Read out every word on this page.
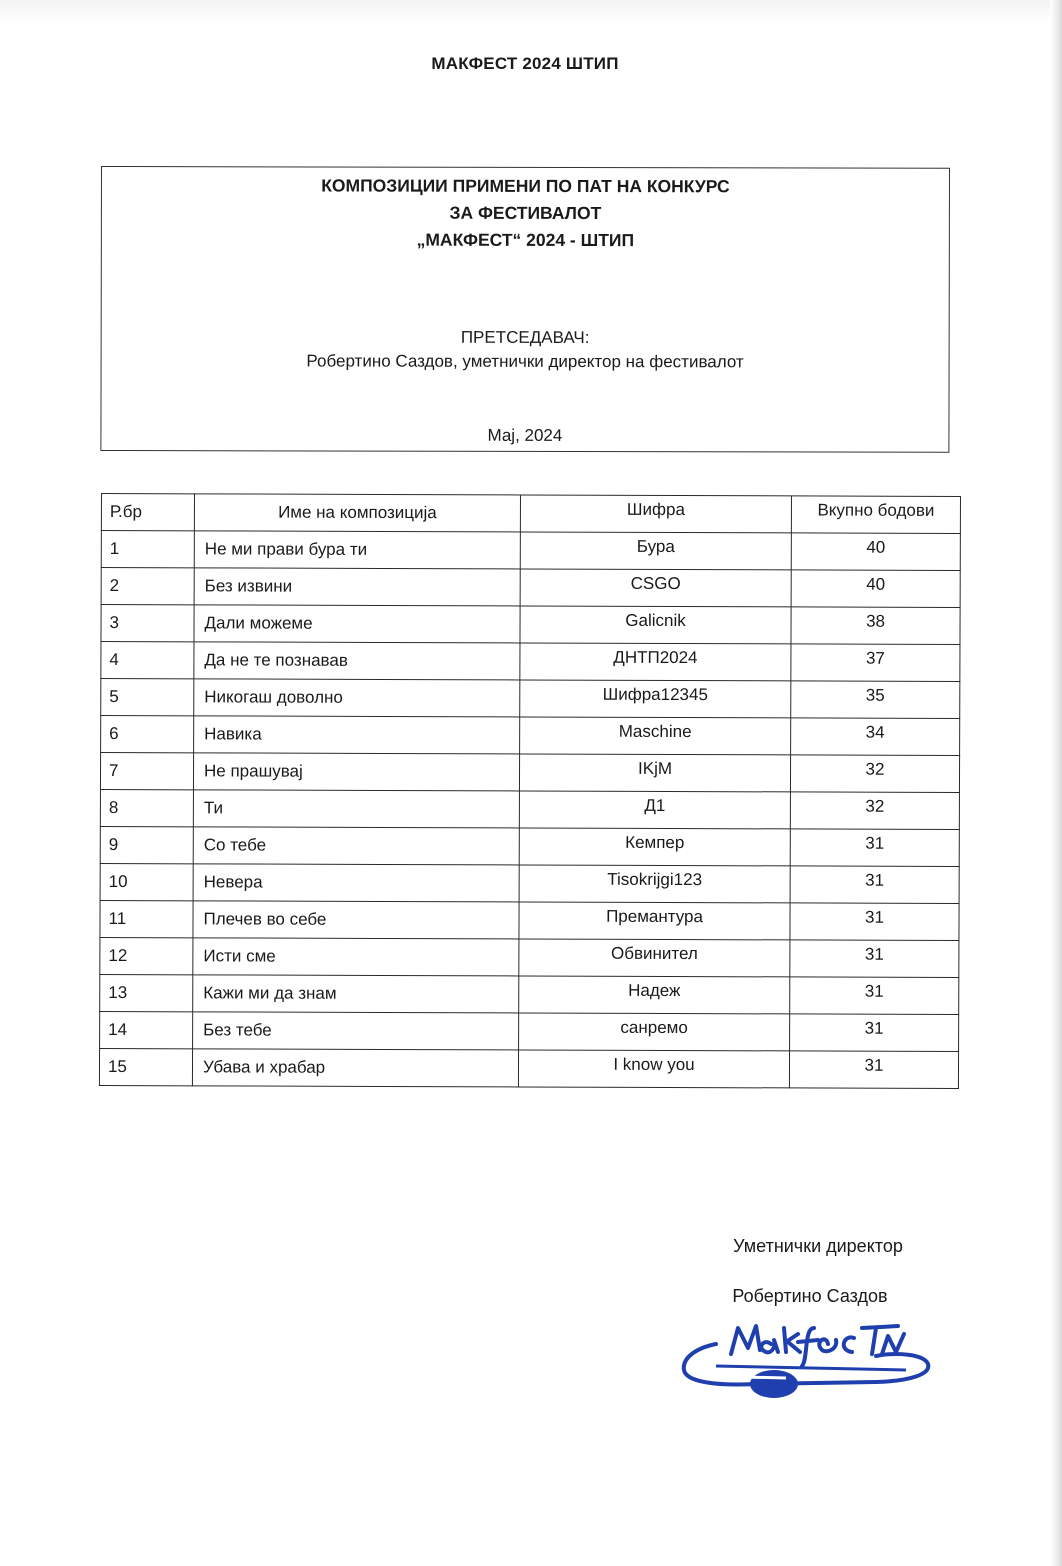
МАКФЕСТ 2024 ШТИП
КОМПОЗИЦИИ ПРИМЕНИ ПО ПАТ НА КОНКУРС
ЗА ФЕСТИВАЛОТ
„МАКФЕСТ“ 2024 - ШТИП
ПРЕТСЕДАВАЧ:
Робертино Саздов, уметнички директор на фестивалот
Мај, 2024
Р.бр	Име на композиција	Шифра	Вкупно бодови
1	Не ми прави бура ти	Бура	40
2	Без извини	CSGO	40
3	Дали можеме	Galicnik	38
4	Да не те познавав	ДНТП2024	37
5	Никогаш доволно	Шифра12345	35
6	Навика	Maschine	34
7	Не прашувај	IKjM	32
8	Ти	Д1	32
9	Со тебе	Кемпер	31
10	Невера	Tisokrijgi123	31
11	Плечев во себе	Премантура	31
12	Исти сме	Обвинител	31
13	Кажи ми да знам	Надеж	31
14	Без тебе	санремо	31
15	Убава и храбар	I know you	31
Уметнички директор
Робертино Саздов
